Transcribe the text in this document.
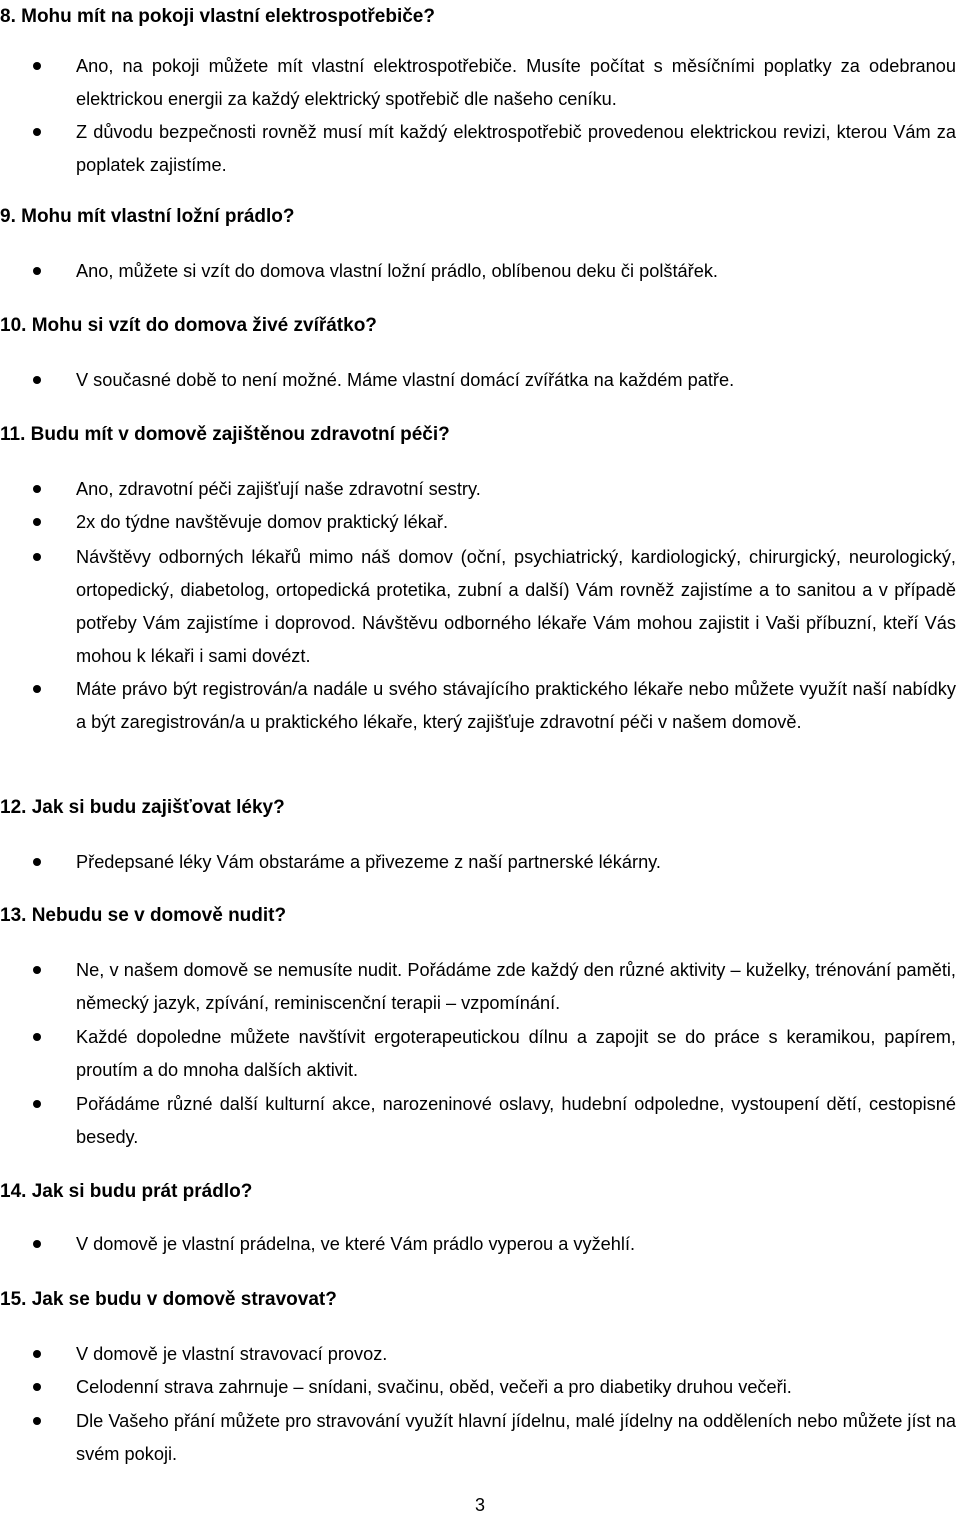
8. Mohu mít na pokoji vlastní elektrospotřebiče?
Ano, na pokoji můžete mít vlastní elektrospotřebiče. Musíte počítat s měsíčními poplatky za odebranou elektrickou energii za každý elektrický spotřebič dle našeho ceníku.
Z důvodu bezpečnosti rovněž musí mít každý elektrospotřebič provedenou elektrickou revizi, kterou Vám za poplatek zajistíme.
9. Mohu mít vlastní ložní prádlo?
Ano, můžete si vzít do domova vlastní ložní prádlo, oblíbenou deku či polštářek.
10. Mohu si vzít do domova živé zvířátko?
V současné době to není možné. Máme vlastní domácí zvířátka na každém patře.
11. Budu mít v domově zajištěnou zdravotní péči?
Ano, zdravotní péči zajišťují naše zdravotní sestry.
2x do týdne navštěvuje domov praktický lékař.
Návštěvy odborných lékařů mimo náš domov (oční, psychiatrický, kardiologický, chirurgický, neurologický, ortopedický, diabetolog, ortopedická protetika, zubní a další) Vám rovněž zajistíme a to sanitou a v případě potřeby Vám zajistíme i doprovod. Návštěvu odborného lékaře Vám mohou zajistit i Vaši příbuzní, kteří Vás mohou k lékaři i sami dovézt.
Máte právo být registrován/a nadále u svého stávajícího praktického lékaře nebo můžete využít naší nabídky a být zaregistrován/a u praktického lékaře, který zajišťuje zdravotní péči v našem domově.
12. Jak si budu zajišťovat léky?
Předepsané léky Vám obstaráme a přivezeme z naší partnerské lékárny.
13. Nebudu se v domově nudit?
Ne, v našem domově se nemusíte nudit. Pořádáme zde každý den různé aktivity – kuželky, trénování paměti, německý jazyk, zpívání, reminiscenční terapii – vzpomínání.
Každé dopoledne můžete navštívit ergoterapeutickou dílnu a zapojit se do práce s keramikou, papírem, proutím a do mnoha dalších aktivit.
Pořádáme různé další kulturní akce, narozeninové oslavy, hudební odpoledne, vystoupení dětí, cestopisné besedy.
14. Jak si budu prát prádlo?
V domově je vlastní prádelna, ve které Vám prádlo vyperou a vyžehlí.
15. Jak se budu v domově stravovat?
V domově je vlastní stravovací provoz.
Celodenní strava zahrnuje – snídani, svačinu, oběd, večeři a pro diabetiky druhou večeři.
Dle Vašeho přání můžete pro stravování využít hlavní jídelnu, malé jídelny na odděleních nebo můžete jíst na svém pokoji.
3
